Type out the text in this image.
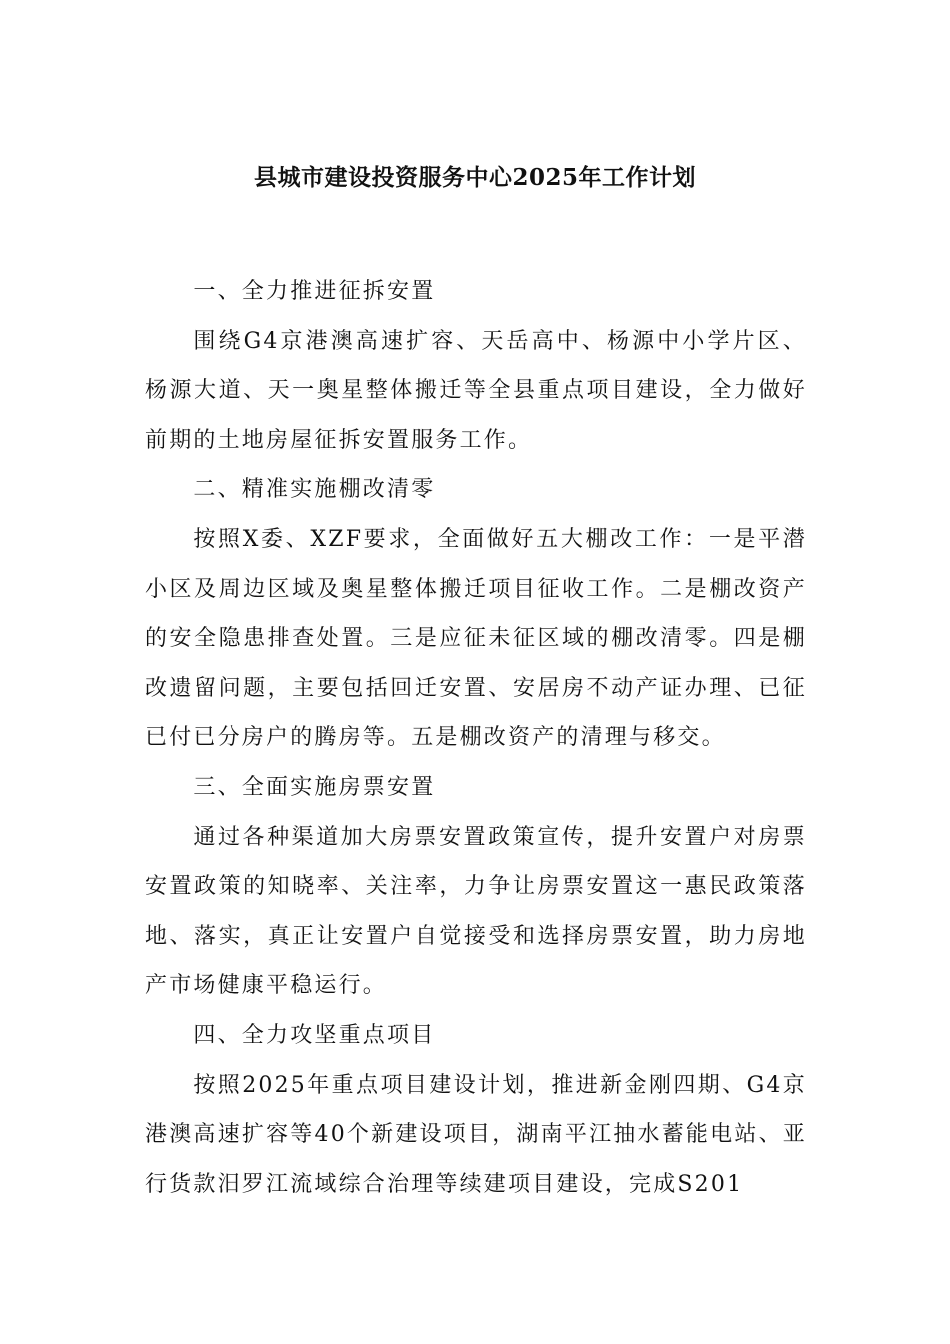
县城市建设投资服务中心2025年工作计划

一、全力推进征拆安置

围绕G4京港澳高速扩容、天岳高中、杨源中小学片区、杨源大道、天一奥星整体搬迁等全县重点项目建设，全力做好前期的土地房屋征拆安置服务工作。

二、精准实施棚改清零

按照X委、XZF要求，全面做好五大棚改工作：一是平潜小区及周边区域及奥星整体搬迁项目征收工作。二是棚改资产的安全隐患排查处置。三是应征未征区域的棚改清零。四是棚改遗留问题，主要包括回迁安置、安居房不动产证办理、已征已付已分房户的腾房等。五是棚改资产的清理与移交。

三、全面实施房票安置

通过各种渠道加大房票安置政策宣传，提升安置户对房票安置政策的知晓率、关注率，力争让房票安置这一惠民政策落地、落实，真正让安置户自觉接受和选择房票安置，助力房地产市场健康平稳运行。

四、全力攻坚重点项目

按照2025年重点项目建设计划，推进新金刚四期、G4京港澳高速扩容等40个新建设项目，湖南平江抽水蓄能电站、亚行货款汨罗江流域综合治理等续建项目建设，完成S201
